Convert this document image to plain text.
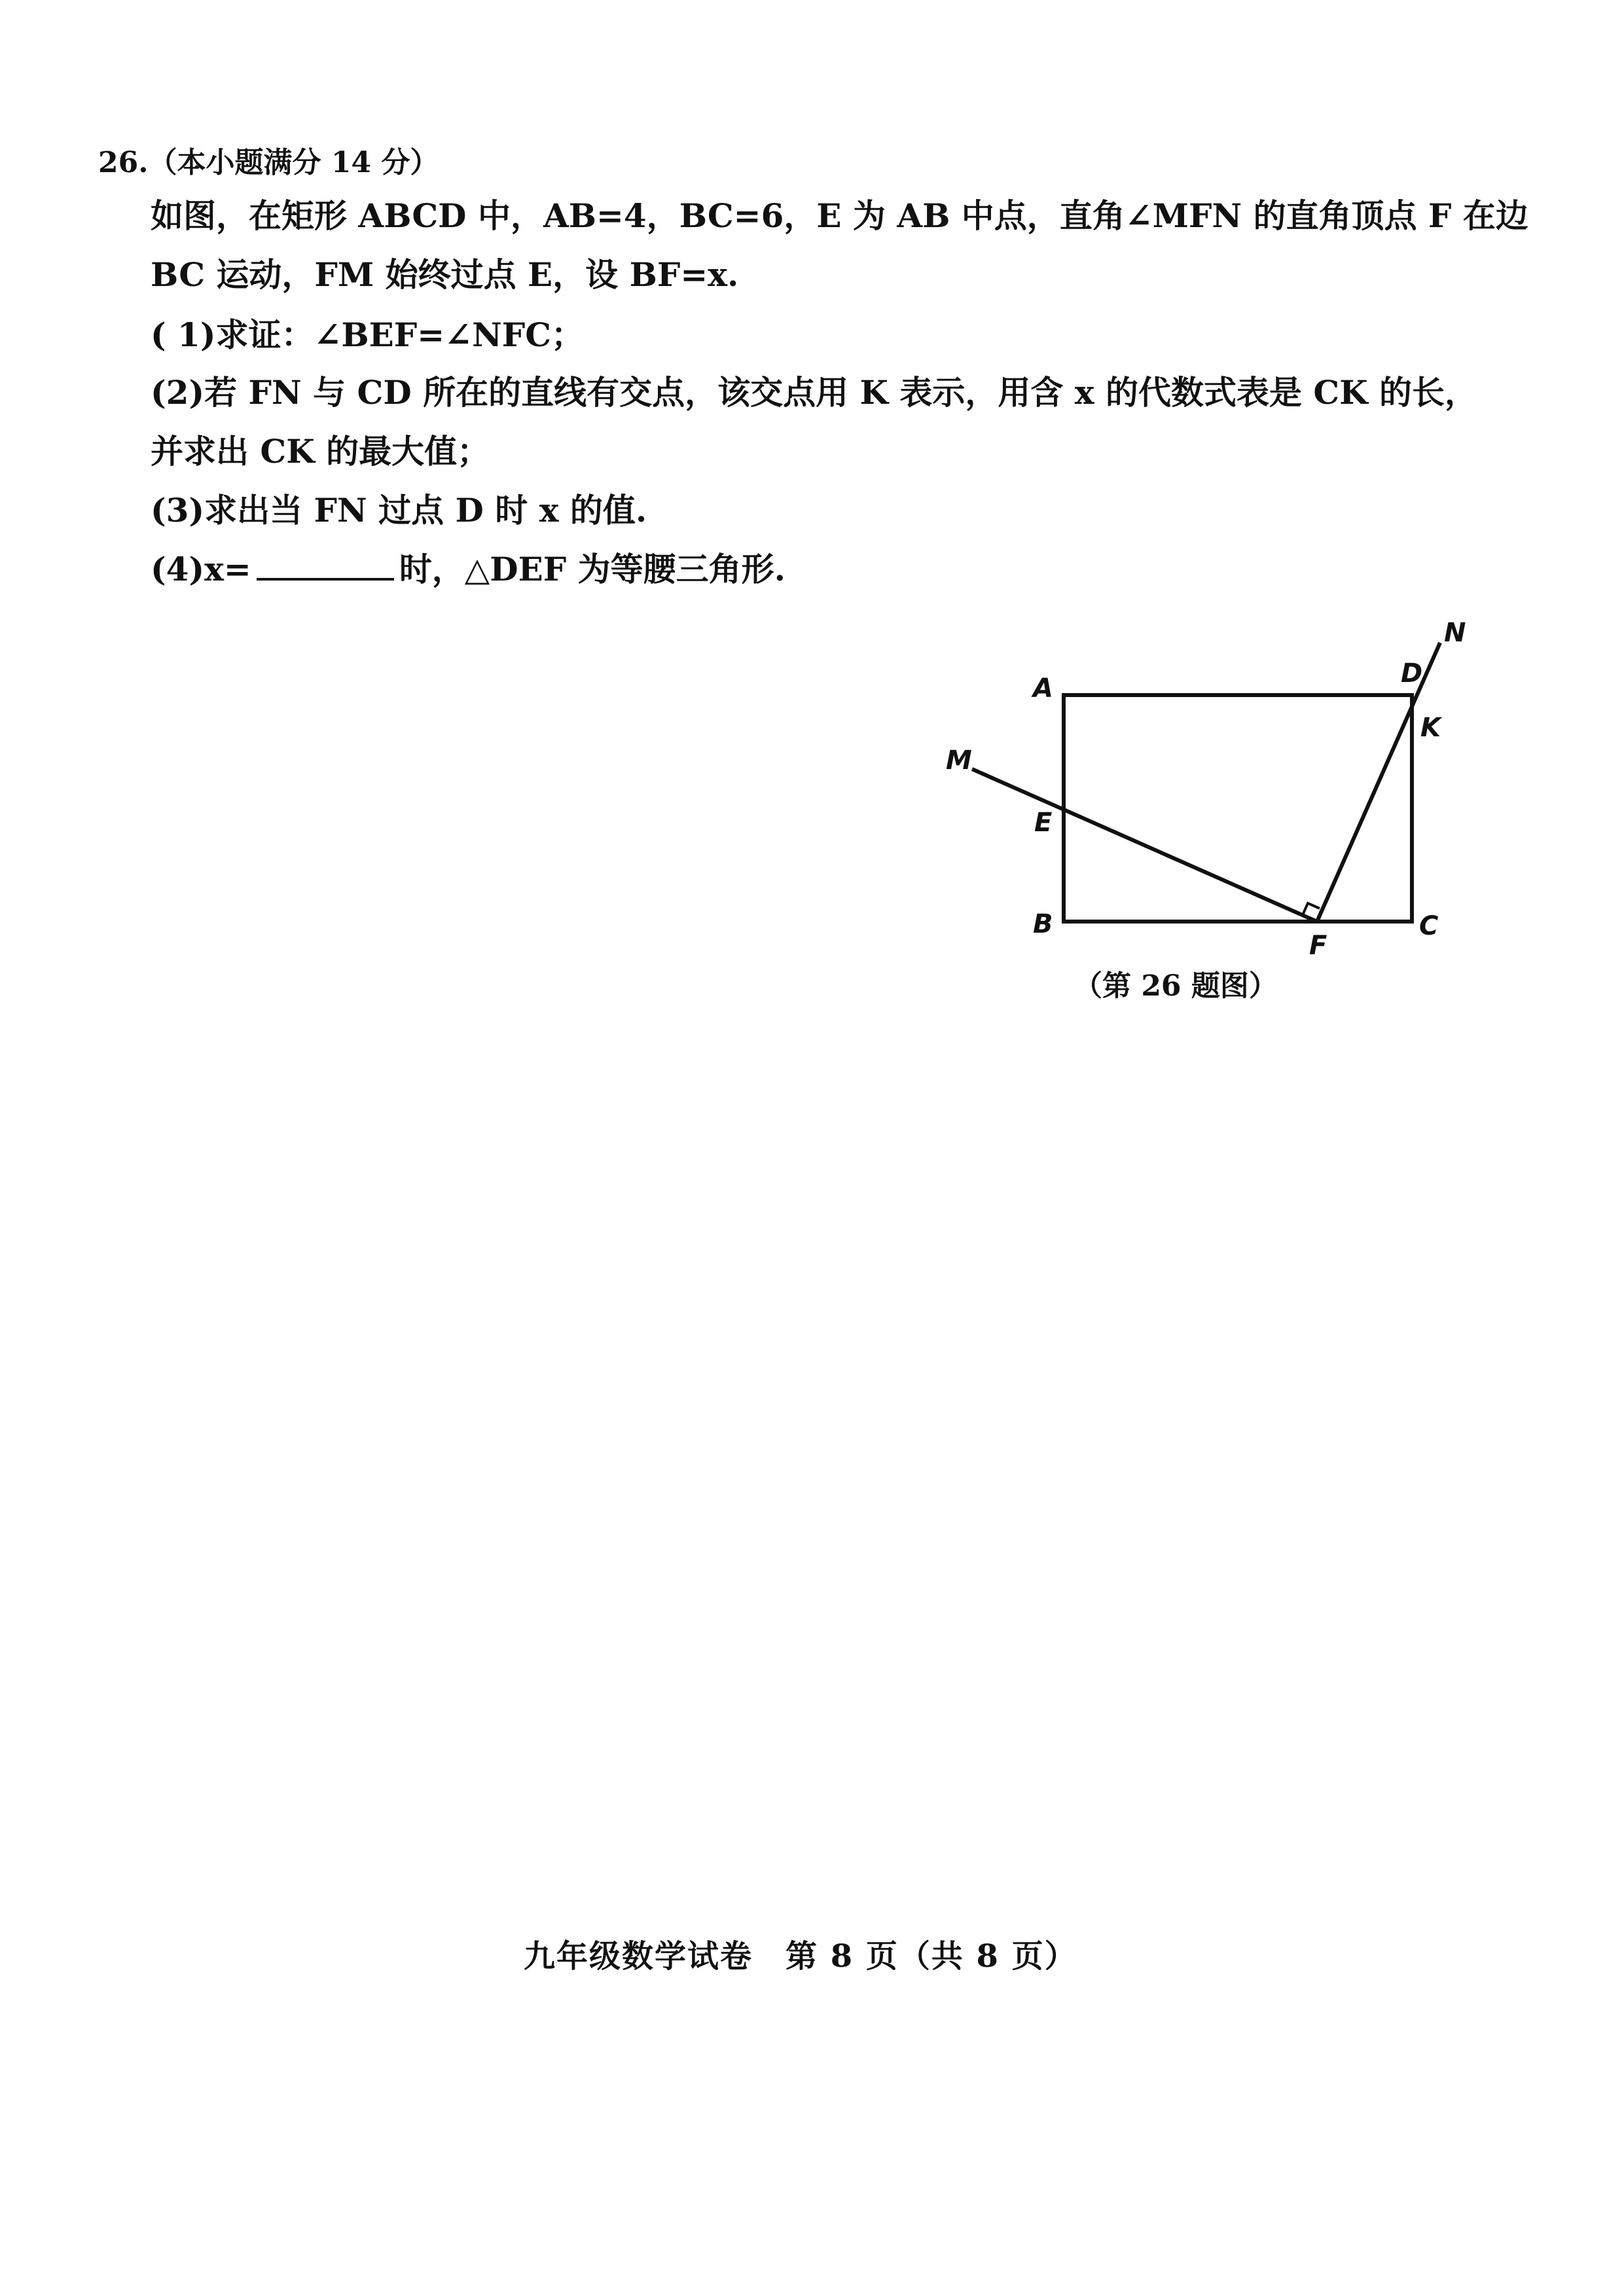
26.（本小题满分 14 分）
如图，在矩形 ABCD 中，AB=4，BC=6，E 为 AB 中点，直角∠MFN 的直角顶点 F 在边
BC 运动，FM 始终过点 E，设 BF=x.
( 1)求证：∠BEF=∠NFC；
(2)若 FN 与 CD 所在的直线有交点，该交点用 K 表示，用含 x 的代数式表是 CK 的长，
并求出 CK 的最大值；
(3)求出当 FN 过点 D 时 x 的值.
(4)x=	时，△DEF 为等腰三角形.
A
B	C
D
E
F
K
M
N
（第 26 题图）
九年级数学试卷　第 8 页（共 8 页）
